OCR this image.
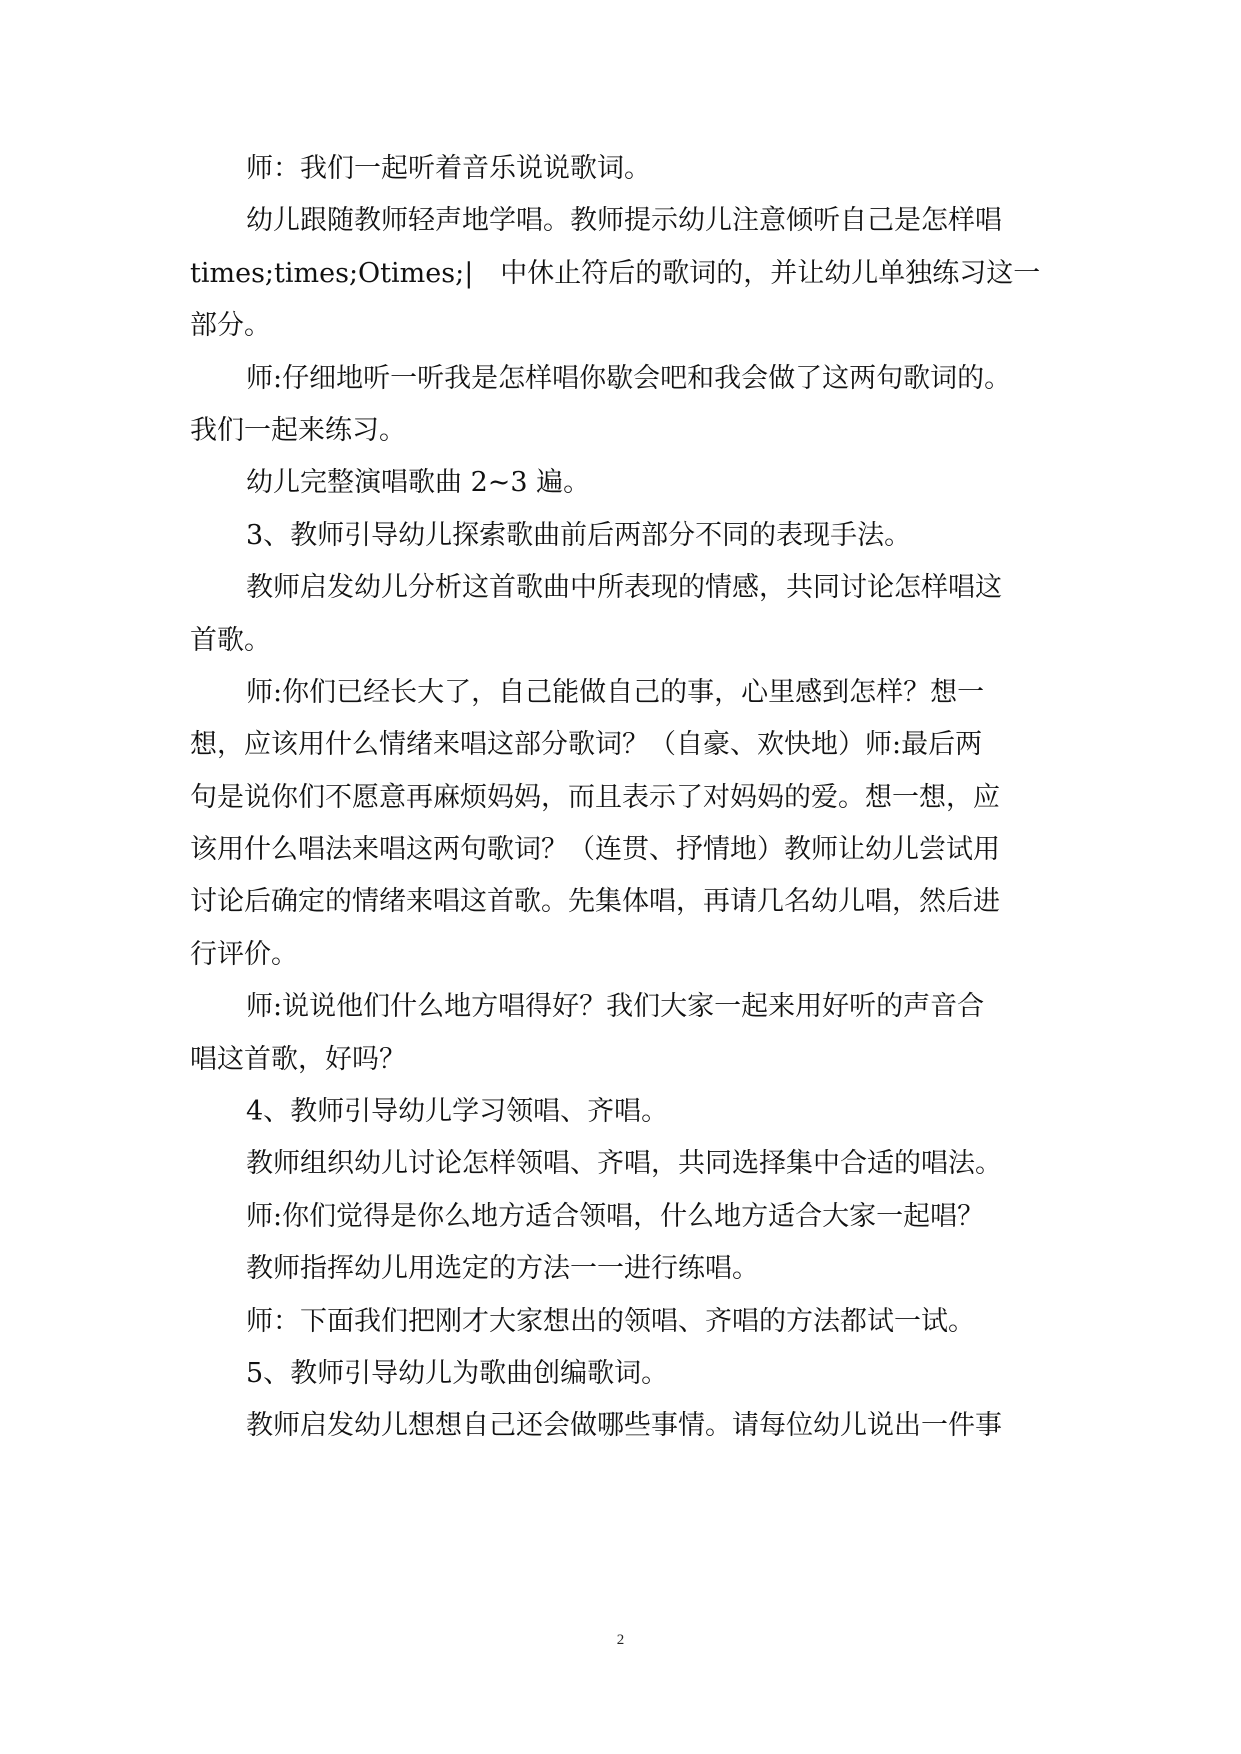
师：我们一起听着音乐说说歌词。
幼儿跟随教师轻声地学唱。教师提示幼儿注意倾听自己是怎样唱
times;times;Otimes;|　中休止符后的歌词的，并让幼儿单独练习这一
部分。
师:仔细地听一听我是怎样唱你歇会吧和我会做了这两句歌词的。
我们一起来练习。
幼儿完整演唱歌曲 2~3 遍。
3、教师引导幼儿探索歌曲前后两部分不同的表现手法。
教师启发幼儿分析这首歌曲中所表现的情感，共同讨论怎样唱这
首歌。
师:你们已经长大了，自己能做自己的事，心里感到怎样？想一
想，应该用什么情绪来唱这部分歌词？（自豪、欢快地）师:最后两
句是说你们不愿意再麻烦妈妈，而且表示了对妈妈的爱。想一想，应
该用什么唱法来唱这两句歌词？（连贯、抒情地）教师让幼儿尝试用
讨论后确定的情绪来唱这首歌。先集体唱，再请几名幼儿唱，然后进
行评价。
师:说说他们什么地方唱得好？我们大家一起来用好听的声音合
唱这首歌，好吗？
4、教师引导幼儿学习领唱、齐唱。
教师组织幼儿讨论怎样领唱、齐唱，共同选择集中合适的唱法。
师:你们觉得是你么地方适合领唱，什么地方适合大家一起唱？
教师指挥幼儿用选定的方法一一进行练唱。
师：下面我们把刚才大家想出的领唱、齐唱的方法都试一试。
5、教师引导幼儿为歌曲创编歌词。
教师启发幼儿想想自己还会做哪些事情。请每位幼儿说出一件事
2
